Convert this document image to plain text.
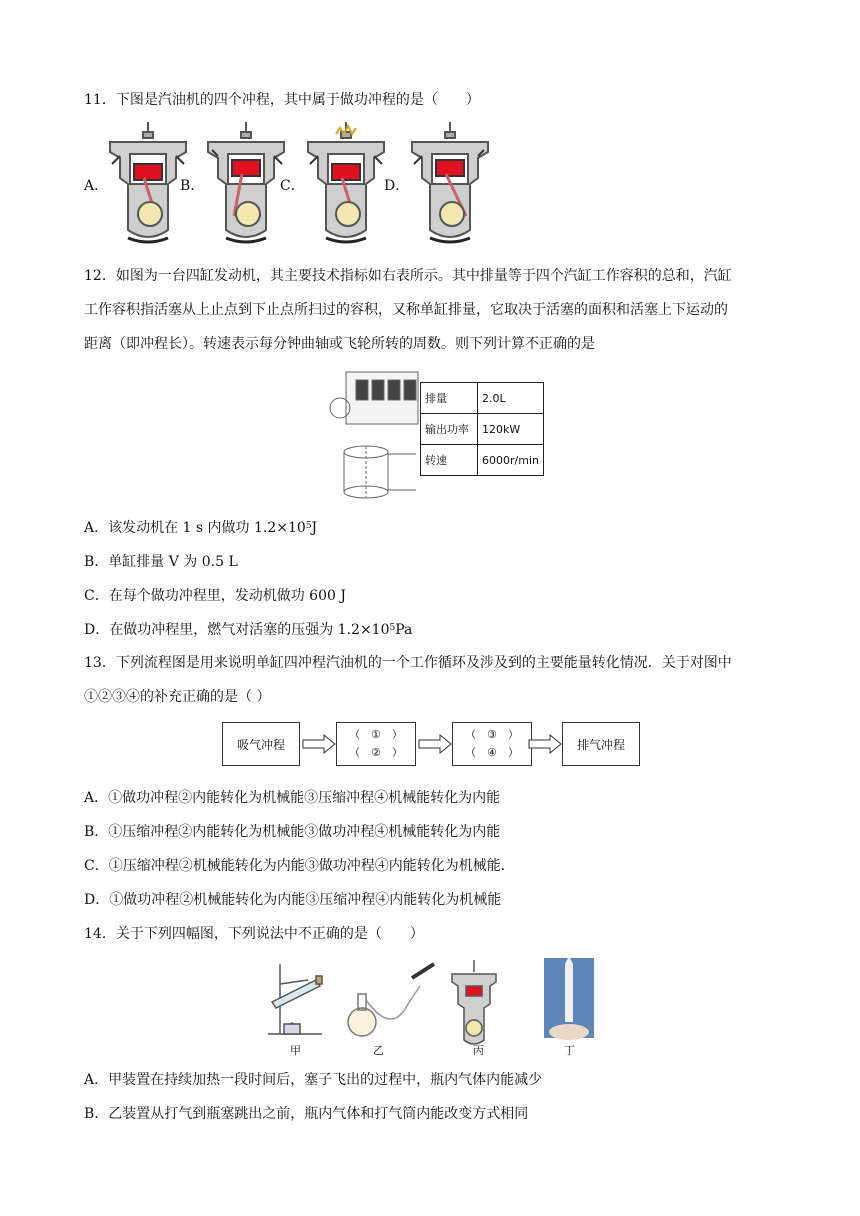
11．下图是汽油机的四个冲程，其中属于做功冲程的是（　　）
A．	B．	C．	D．
12．如图为一台四缸发动机，其主要技术指标如右表所示。其中排量等于四个汽缸工作容积的总和，汽缸
工作容积指活塞从上止点到下止点所扫过的容积，又称单缸排量，它取决于活塞的面积和活塞上下运动的
距离（即冲程长）。转速表示每分钟曲轴或飞轮所转的周数。则下列计算不正确的是
排量	2.0L
输出功率	120kW
转速	6000r/min
A．该发动机在 1 s 内做功 $1.2\times 10^5J$
B．单缸排量 V 为 0.5 L
C．在每个做功冲程里，发动机做功 600 J
D．在做功冲程里，燃气对活塞的压强为 $1.2\times 10^5Pa$
13．下列流程图是用来说明单缸四冲程汽油机的一个工作循环及涉及到的主要能量转化情况．关于对图中
①②③④的补充正确的是（ ）
吸气冲程
（　①　）
（　②　）
（　③　）
（　④　）
排气冲程
A．①做功冲程②内能转化为机械能③压缩冲程④机械能转化为内能
B．①压缩冲程②内能转化为机械能③做功冲程④机械能转化为内能
C．①压缩冲程②机械能转化为内能③做功冲程④内能转化为机械能．
D．①做功冲程②机械能转化为内能③压缩冲程④内能转化为机械能
14．关于下列四幅图，下列说法中不正确的是（　　）
甲	乙	丙	丁
A．甲装置在持续加热一段时间后，塞子飞出的过程中，瓶内气体内能减少
B．乙装置从打气到瓶塞跳出之前，瓶内气体和打气筒内能改变方式相同
